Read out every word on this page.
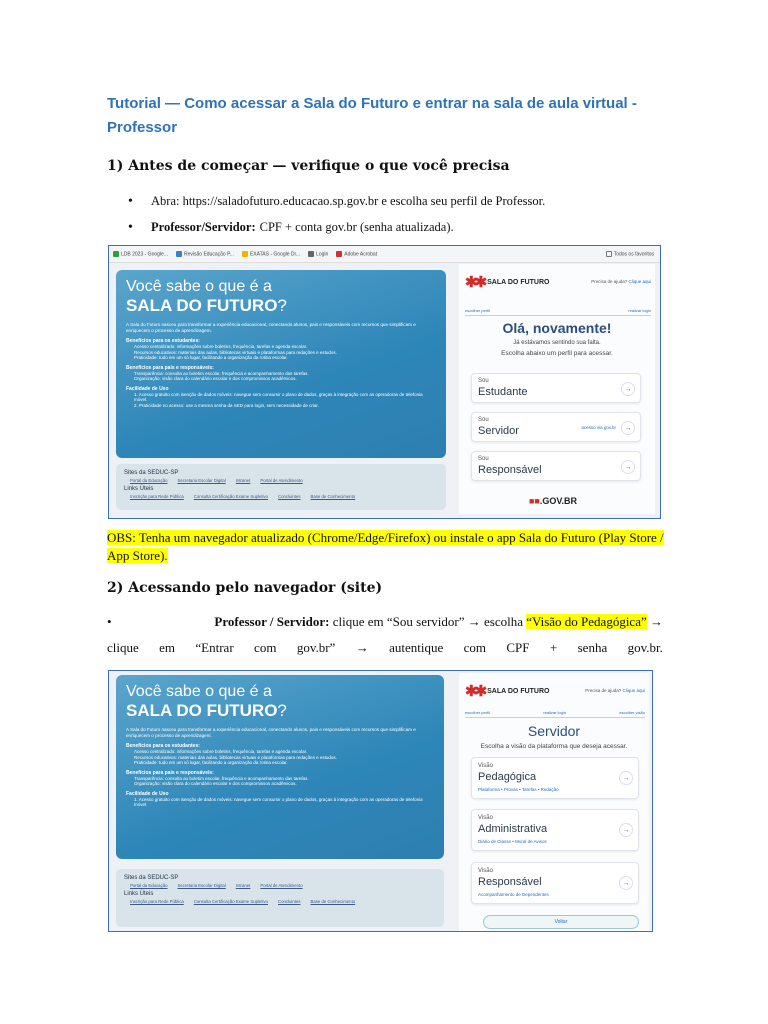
Tutorial — Como acessar a Sala do Futuro e entrar na sala de aula virtual - Professor
1) Antes de começar — verifique o que você precisa
•	Abra: https://saladofuturo.educacao.sp.gov.br e escolha seu perfil de Professor.
•	Professor/Servidor: CPF + conta gov.br (senha atualizada).
LDB 2023 - Google...	Revisão Educação P...	EXATAS - Google Dr...	Login	Adobe Acrobat	Todos os favoritos
Você sabe o que é a
SALA DO FUTURO?
A Sala do Futuro nasceu para transformar a experiência educacional, conectando alunos, pais e responsáveis com recursos que simplificam e enriquecem o processo de aprendizagem.
Benefícios para os estudantes:
Acesso centralizado: informações sobre boletins, frequência, tarefas e agenda escolar.
Recursos educativos: materiais das aulas, bibliotecas virtuais e plataformas para redações e estudos.
Praticidade: tudo em um só lugar, facilitando a organização da rotina escolar.
Benefícios para pais e responsáveis:
Transparência: consulta ao boletim escolar, frequência e acompanhamento das tarefas.
Organização: visão clara do calendário escolar e dos compromissos acadêmicos.
Facilidade de Uso
1. Acesso gratuito com isenção de dados móveis: navegue sem consumir o plano de dados, graças à integração com as operadoras de telefonia móvel.
2. Praticidade no acesso: use a mesma senha da SED para login, sem necessidade de criar.
Sites da SEDUC-SP
Portal da Educação Secretaria Escolar Digital Intranet Portal de Atendimento
Links Úteis
Inscrição para Rede Pública Consulta Certificação Exame Supletivo Concluintes Base de Conhecimento
✱✱ SALA DO FUTURO	Precisa de ajuda? Clique aqui
escolher perfil	realizar login
Olá, novamente!
Já estávamos sentindo sua falta.
Escolha abaixo um perfil para acessar.
Sou
Estudante	→
Sou
Servidor	acesso via gov.br	→
Sou
Responsável	→
■■.GOV.BR
OBS: Tenha um navegador atualizado (Chrome/Edge/Firefox) ou instale o app Sala do Futuro (Play Store / App Store).
2) Acessando pelo navegador (site)
•	Professor / Servidor: clique em “Sou servidor” → escolha “Visão do Pedagógica” →
clique em “Entrar com gov.br” → autentique com CPF + senha gov.br.
Você sabe o que é a
SALA DO FUTURO?
A Sala do Futuro nasceu para transformar a experiência educacional, conectando alunos, pais e responsáveis com recursos que simplificam e enriquecem o processo de aprendizagem.
Benefícios para os estudantes:
Acesso centralizado: informações sobre boletins, frequência, tarefas e agenda escolar.
Recursos educativos: materiais das aulas, bibliotecas virtuais e plataformas para redações e estudos.
Praticidade: tudo em um só lugar, facilitando a organização da rotina escolar.
Benefícios para pais e responsáveis:
Transparência: consulta ao boletim escolar, frequência e acompanhamento das tarefas.
Organização: visão clara do calendário escolar e dos compromissos acadêmicos.
Facilidade de Uso
1. Acesso gratuito com isenção de dados móveis: navegue sem consumir o plano de dados, graças à integração com as operadoras de telefonia móvel.
Sites da SEDUC-SP
Portal da Educação Secretaria Escolar Digital Intranet Portal de Atendimento
Links Úteis
Inscrição para Rede Pública Consulta Certificação Exame Supletivo Concluintes Base de Conhecimento
✱✱ SALA DO FUTURO	Precisa de ajuda? Clique aqui
escolher perfil	realizar login	escolher visão
Servidor
Escolha a visão da plataforma que deseja acessar.
Visão
Pedagógica
Plataforma • Provas • Tarefas • Redação
→
Visão
Administrativa
Diário de Classe • Mural de Avisos
→
Visão
Responsável
Acompanhamento de Dependentes
→
Voltar
